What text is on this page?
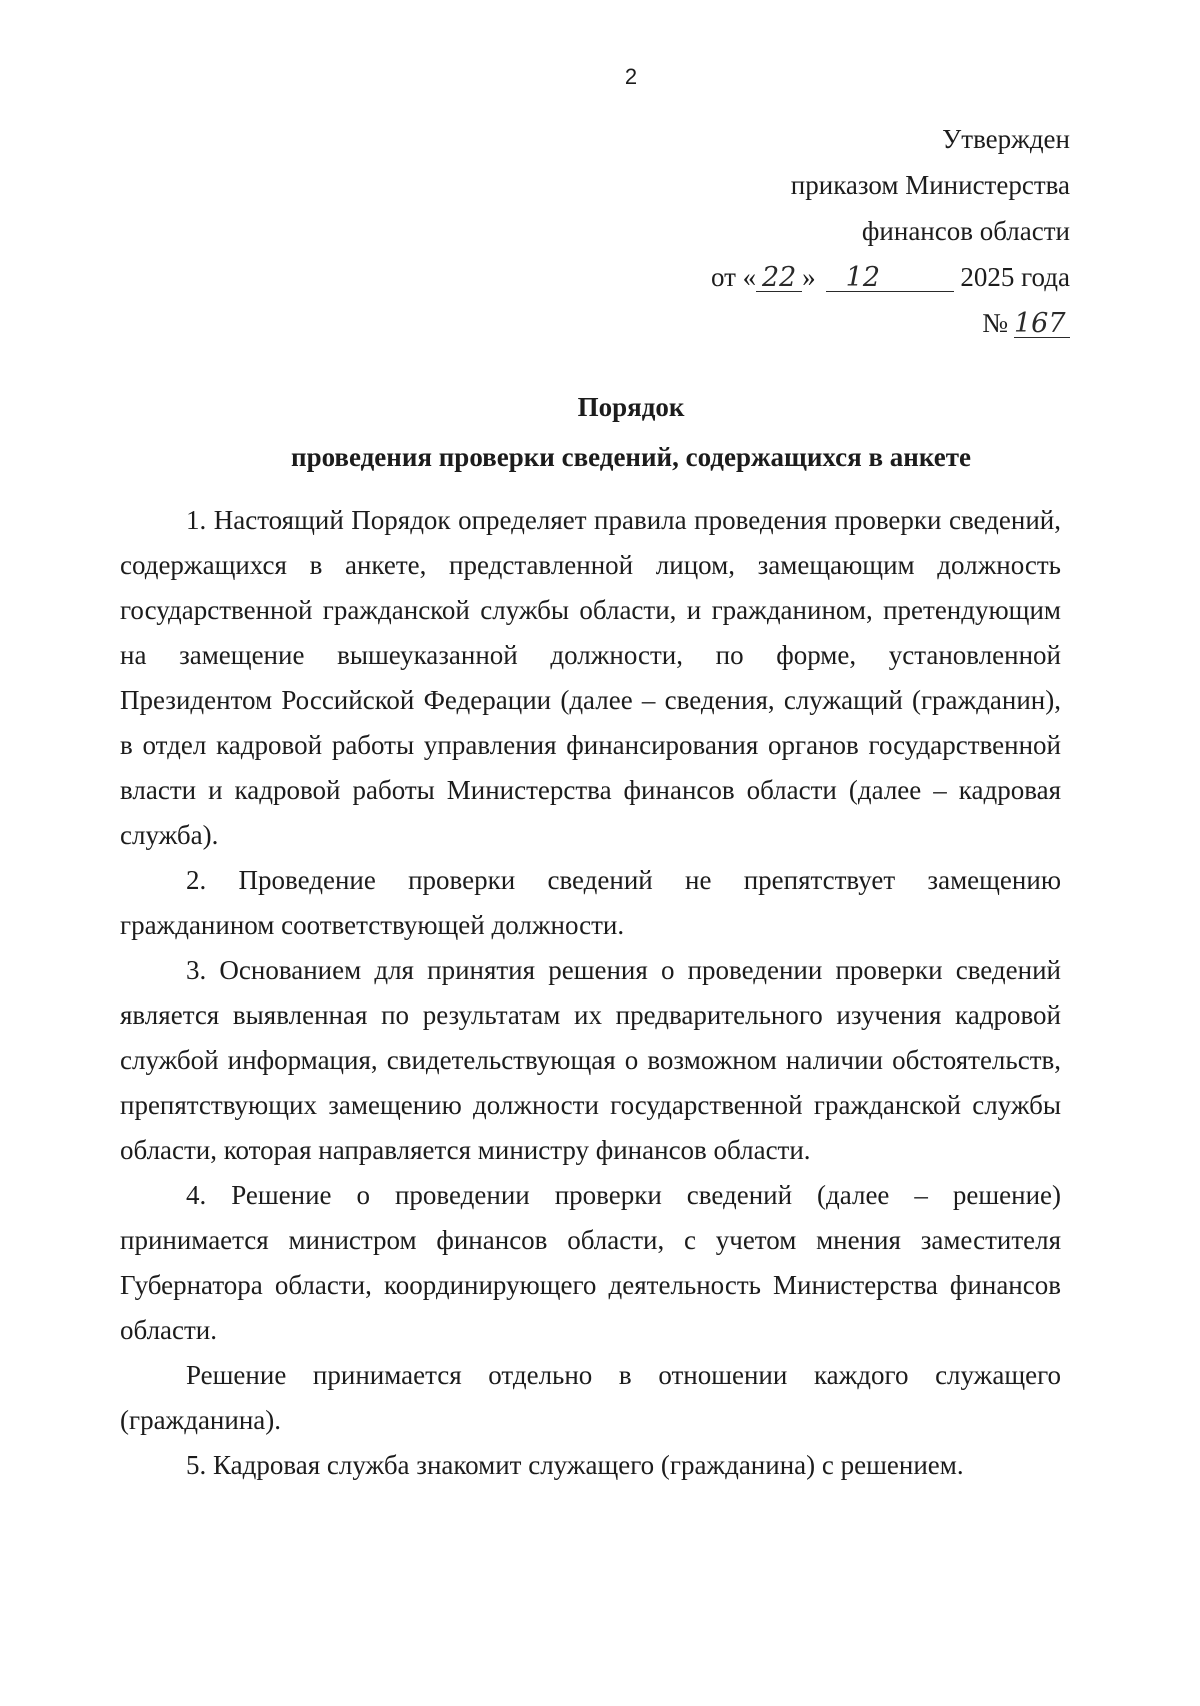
2
Утвержден
приказом Министерства
финансов области
от « 22 » 12	2025 года
№ 167
Порядок
проведения проверки сведений, содержащихся в анкете

1. Настоящий Порядок определяет правила проведения проверки сведений, содержащихся в анкете, представленной лицом, замещающим должность государственной гражданской службы области, и гражданином, претендующим на замещение вышеуказанной должности, по форме, установленной Президентом Российской Федерации (далее – сведения, служащий (гражданин), в отдел кадровой работы управления финансирования органов государственной власти и кадровой работы Министерства финансов области (далее – кадровая служба).

2. Проведение проверки сведений не препятствует замещению гражданином соответствующей должности.

3. Основанием для принятия решения о проведении проверки сведений является выявленная по результатам их предварительного изучения кадровой службой информация, свидетельствующая о возможном наличии обстоятельств, препятствующих замещению должности государственной гражданской службы области, которая направляется министру финансов области.

4. Решение о проведении проверки сведений (далее – решение) принимается министром финансов области, с учетом мнения заместителя Губернатора области, координирующего деятельность Министерства финансов области.

Решение принимается отдельно в отношении каждого служащего (гражданина).

5. Кадровая служба знакомит служащего (гражданина) с решением.
